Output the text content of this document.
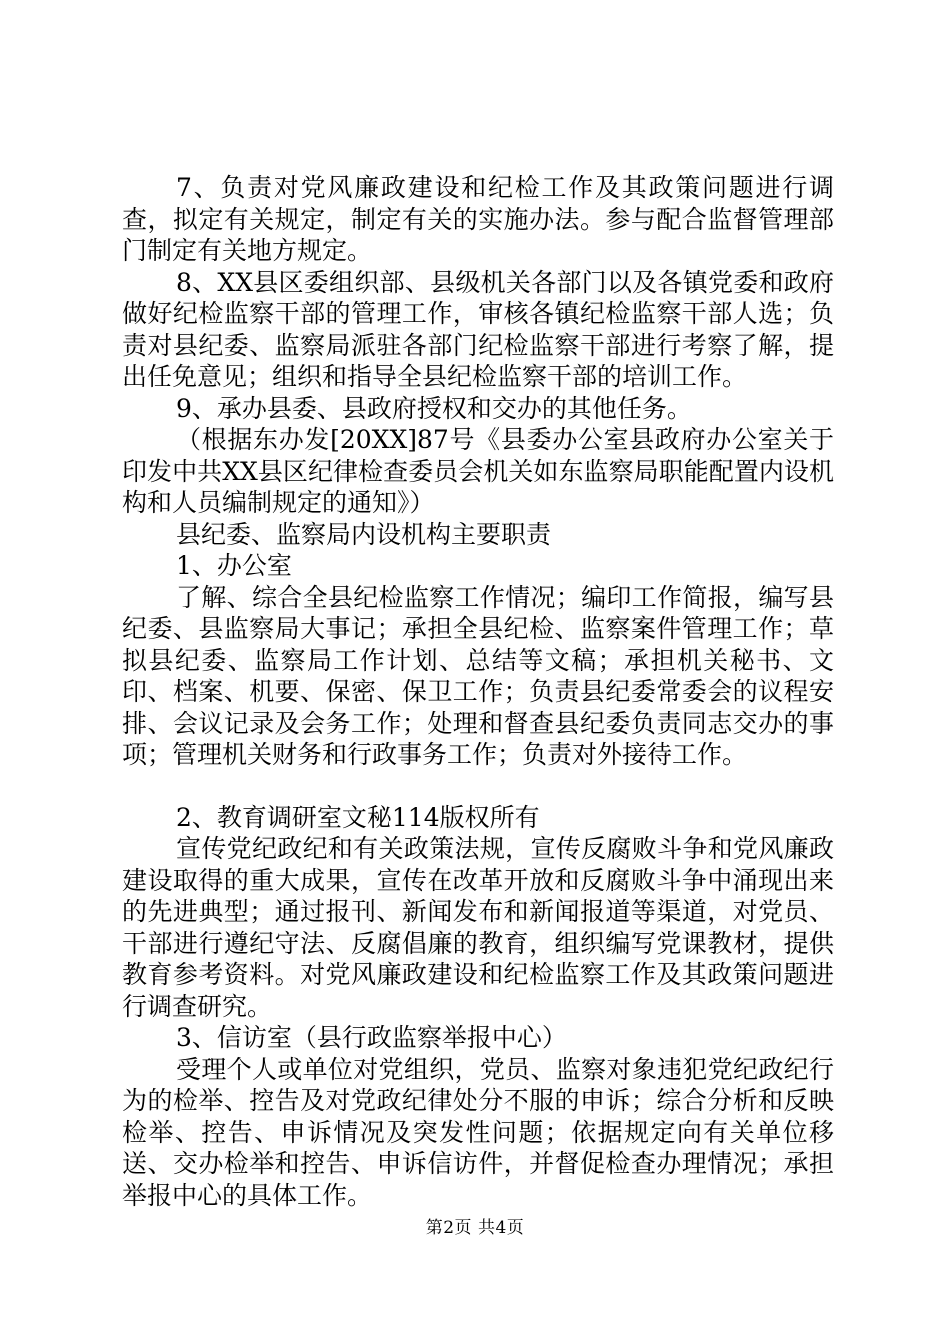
7、负责对党风廉政建设和纪检工作及其政策问题进行调查，拟定有关规定，制定有关的实施办法。参与配合监督管理部门制定有关地方规定。

8、XX县区委组织部、县级机关各部门以及各镇党委和政府做好纪检监察干部的管理工作，审核各镇纪检监察干部人选；负责对县纪委、监察局派驻各部门纪检监察干部进行考察了解，提出任免意见；组织和指导全县纪检监察干部的培训工作。

9、承办县委、县政府授权和交办的其他任务。

（根据东办发[20XX]87号《县委办公室县政府办公室关于印发中共XX县区纪律检查委员会机关如东监察局职能配置内设机构和人员编制规定的通知》）

县纪委、监察局内设机构主要职责

1、办公室

了解、综合全县纪检监察工作情况；编印工作简报，编写县纪委、县监察局大事记；承担全县纪检、监察案件管理工作；草拟县纪委、监察局工作计划、总结等文稿；承担机关秘书、文印、档案、机要、保密、保卫工作；负责县纪委常委会的议程安排、会议记录及会务工作；处理和督查县纪委负责同志交办的事项；管理机关财务和行政事务工作；负责对外接待工作。

2、教育调研室文秘114版权所有

宣传党纪政纪和有关政策法规，宣传反腐败斗争和党风廉政建设取得的重大成果，宣传在改革开放和反腐败斗争中涌现出来的先进典型；通过报刊、新闻发布和新闻报道等渠道，对党员、干部进行遵纪守法、反腐倡廉的教育，组织编写党课教材，提供教育参考资料。对党风廉政建设和纪检监察工作及其政策问题进行调查研究。

3、信访室（县行政监察举报中心）

受理个人或单位对党组织，党员、监察对象违犯党纪政纪行为的检举、控告及对党政纪律处分不服的申诉；综合分析和反映检举、控告、申诉情况及突发性问题；依据规定向有关单位移送、交办检举和控告、申诉信访件，并督促检查办理情况；承担举报中心的具体工作。

第2页 共4页
